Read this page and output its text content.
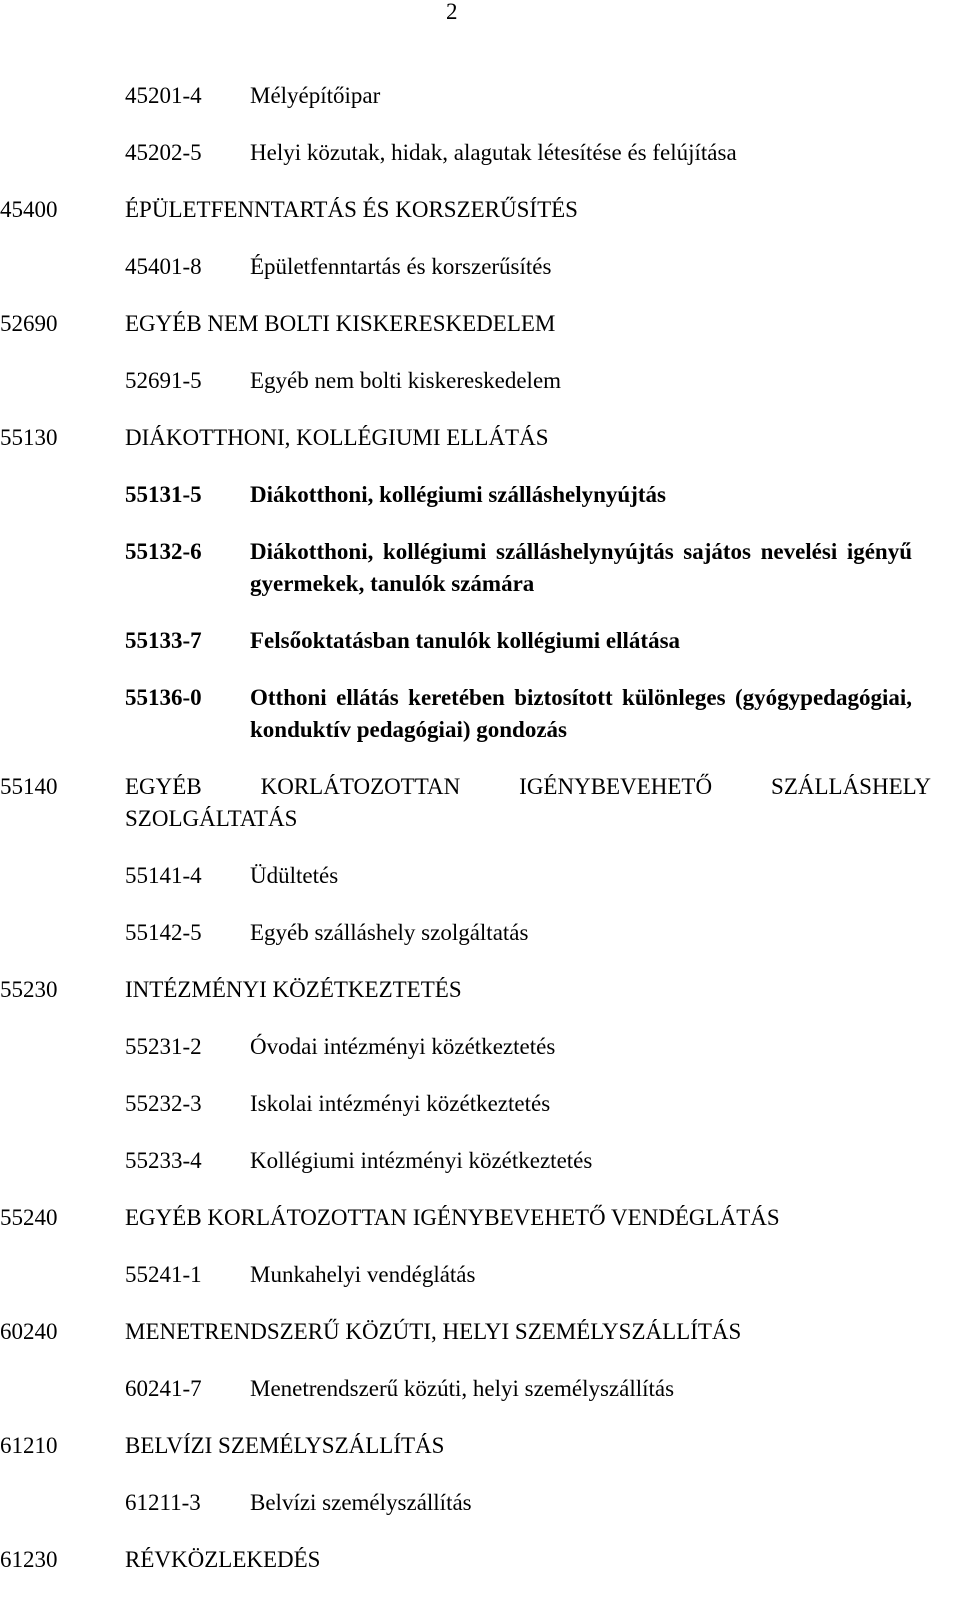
2
45201-4	Mélyépítőipar
45202-5	Helyi közutak, hidak, alagutak létesítése és felújítása
45400	ÉPÜLETFENNTARTÁS ÉS KORSZERŰSÍTÉS
45401-8	Épületfenntartás és korszerűsítés
52690	EGYÉB NEM BOLTI KISKERESKEDELEM
52691-5	Egyéb nem bolti kiskereskedelem
55130	DIÁKOTTHONI, KOLLÉGIUMI ELLÁTÁS
55131-5	Diákotthoni, kollégiumi szálláshelynyújtás
55132-6	Diákotthoni, kollégiumi szálláshelynyújtás sajátos nevelési igényű gyermekek, tanulók számára
55133-7	Felsőoktatásban tanulók kollégiumi ellátása
55136-0	Otthoni ellátás keretében biztosított különleges (gyógypedagógiai, konduktív pedagógiai) gondozás
55140	EGYÉB KORLÁTOZOTTAN IGÉNYBEVEHETŐ SZÁLLÁSHELY SZOLGÁLTATÁS
55141-4	Üdültetés
55142-5	Egyéb szálláshely szolgáltatás
55230	INTÉZMÉNYI KÖZÉTKEZTETÉS
55231-2	Óvodai intézményi közétkeztetés
55232-3	Iskolai intézményi közétkeztetés
55233-4	Kollégiumi intézményi közétkeztetés
55240	EGYÉB KORLÁTOZOTTAN IGÉNYBEVEHETŐ VENDÉGLÁTÁS
55241-1	Munkahelyi vendéglátás
60240	MENETRENDSZERŰ KÖZÚTI, HELYI SZEMÉLYSZÁLLÍTÁS
60241-7	Menetrendszerű közúti, helyi személyszállítás
61210	BELVÍZI SZEMÉLYSZÁLLÍTÁS
61211-3	Belvízi személyszállítás
61230	RÉVKÖZLEKEDÉS
